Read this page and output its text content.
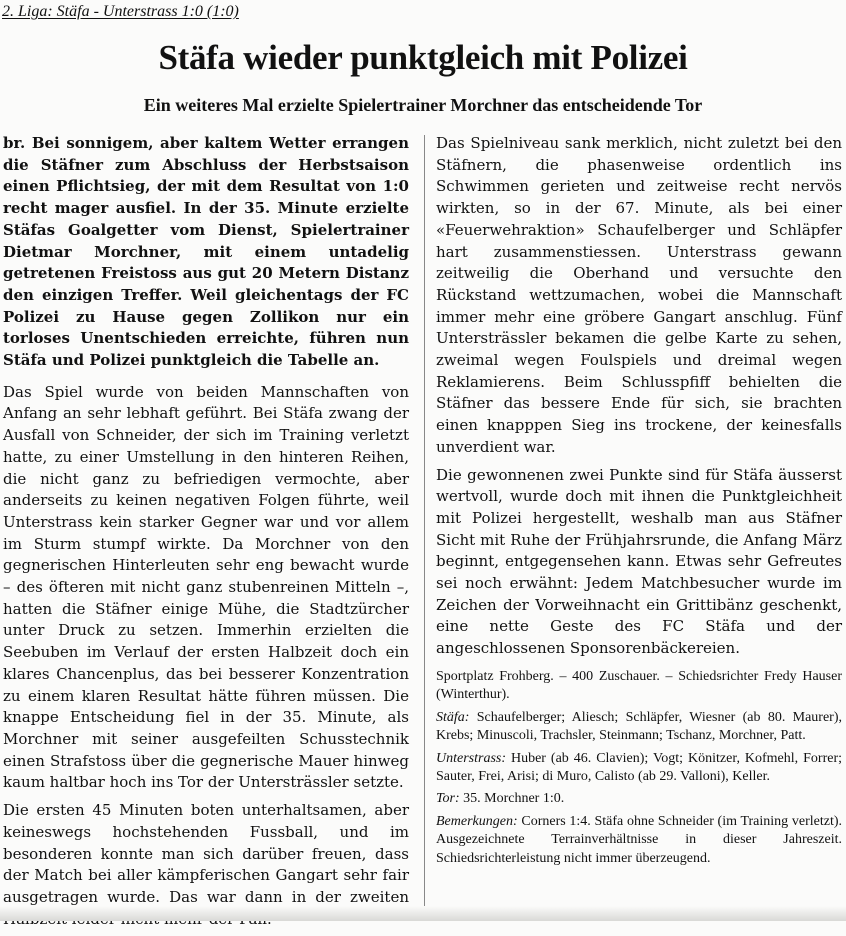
2. Liga: Stäfa - Unterstrass 1:0 (1:0)
Stäfa wieder punktgleich mit Polizei
Ein weiteres Mal erzielte Spielertrainer Morchner das entscheidende Tor

br. Bei sonnigem, aber kaltem Wetter errangen die Stäfner zum Abschluss der Herbstsaison einen Pflichtsieg, der mit dem Resultat von 1:0 recht mager ausfiel. In der 35. Minute erzielte Stäfas Goalgetter vom Dienst, Spielertrainer Dietmar Morchner, mit einem untadelig getretenen Freistoss aus gut 20 Metern Distanz den einzigen Treffer. Weil gleichentags der FC Polizei zu Hause gegen Zollikon nur ein torloses Unentschieden erreichte, führen nun Stäfa und Polizei punktgleich die Tabelle an.

Das Spiel wurde von beiden Mannschaften von Anfang an sehr lebhaft geführt. Bei Stäfa zwang der Ausfall von Schneider, der sich im Training verletzt hatte, zu einer Umstellung in den hinteren Reihen, die nicht ganz zu befriedigen vermochte, aber anderseits zu keinen negativen Folgen führte, weil Unterstrass kein starker Gegner war und vor allem im Sturm stumpf wirkte. Da Morchner von den gegnerischen Hinterleuten sehr eng bewacht wurde – des öfteren mit nicht ganz stubenreinen Mitteln –, hatten die Stäfner einige Mühe, die Stadtzürcher unter Druck zu setzen. Immerhin erzielten die Seebuben im Verlauf der ersten Halbzeit doch ein klares Chancenplus, das bei besserer Konzentration zu einem klaren Resultat hätte führen müssen. Die knappe Entscheidung fiel in der 35. Minute, als Morchner mit seiner ausgefeilten Schusstechnik einen Strafstoss über die gegnerische Mauer hinweg kaum haltbar hoch ins Tor der Untersträssler setzte.

Die ersten 45 Minuten boten unterhaltsamen, aber keineswegs hochstehenden Fussball, und im besonderen konnte man sich darüber freuen, dass der Match bei aller kämpferischen Gangart sehr fair ausgetragen wurde. Das war dann in der zweiten

Das Spielniveau sank merklich, nicht zuletzt bei den Stäfnern, die phasenweise ordentlich ins Schwimmen gerieten und zeitweise recht nervös wirkten, so in der 67. Minute, als bei einer «Feuerwehraktion» Schaufelberger und Schläpfer hart zusammenstiessen. Unterstrass gewann zeitweilig die Oberhand und versuchte den Rückstand wettzumachen, wobei die Mannschaft immer mehr eine gröbere Gangart anschlug. Fünf Untersträssler bekamen die gelbe Karte zu sehen, zweimal wegen Foulspiels und dreimal wegen Reklamierens. Beim Schlusspfiff behielten die Stäfner das bessere Ende für sich, sie brachten einen knapppen Sieg ins trockene, der keinesfalls unverdient war.

Die gewonnenen zwei Punkte sind für Stäfa äusserst wertvoll, wurde doch mit ihnen die Punktgleichheit mit Polizei hergestellt, weshalb man aus Stäfner Sicht mit Ruhe der Frühjahrsrunde, die Anfang März beginnt, entgegensehen kann. Etwas sehr Gefreutes sei noch erwähnt: Jedem Matchbesucher wurde im Zeichen der Vorweihnacht ein Grittibänz geschenkt, eine nette Geste des FC Stäfa und der angeschlossenen Sponsorenbäckereien.

Sportplatz Frohberg. – 400 Zuschauer. – Schiedsrichter Fredy Hauser (Winterthur).

Stäfa: Schaufelberger; Aliesch; Schläpfer, Wiesner (ab 80. Maurer), Krebs; Minuscoli, Trachsler, Steinmann; Tschanz, Morchner, Patt.

Unterstrass: Huber (ab 46. Clavien); Vogt; Könitzer, Kofmehl, Forrer; Sauter, Frei, Arisi; di Muro, Calisto (ab 29. Valloni), Keller.

Tor: 35. Morchner 1:0.

Bemerkungen: Corners 1:4. Stäfa ohne Schneider (im Training verletzt). Ausgezeichnete Terrainverhältnisse in dieser Jahreszeit. Schiedsrichterleistung nicht immer überzeugend.
